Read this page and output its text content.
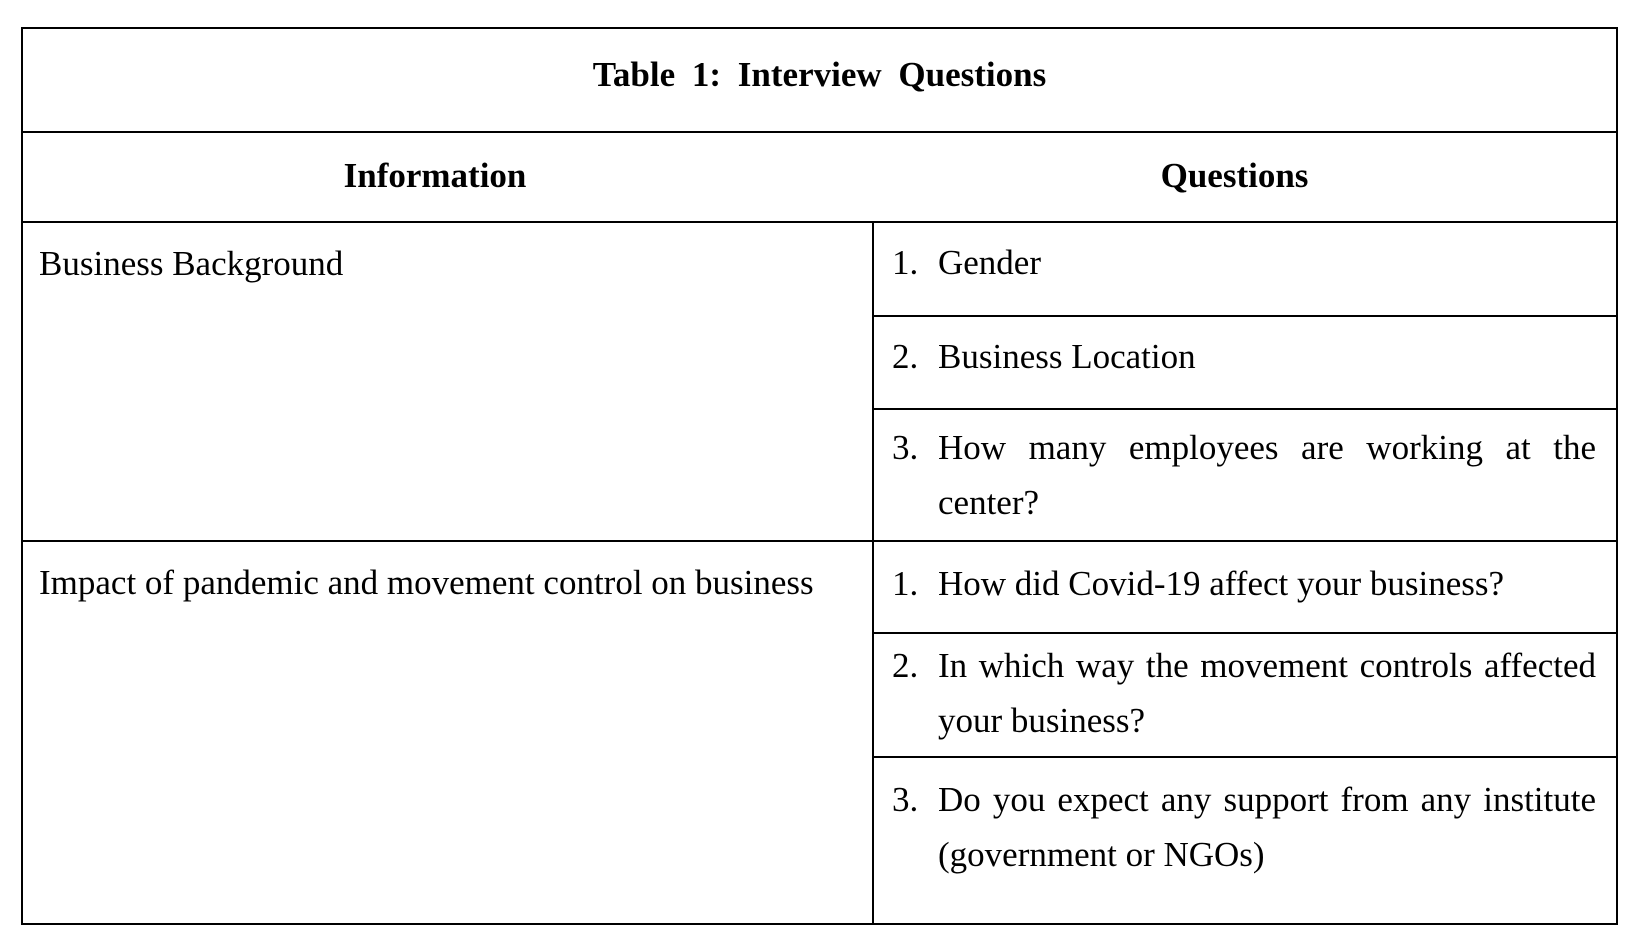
Table 1: Interview Questions	
Information	Questions
Business Background	1. Gender

	2. Business Location

	3. How many employees are working at the center?

Impact of pandemic and movement control on business	1. How did Covid-19 affect your business?

	2. In which way the movement controls affected your business?

	3. Do you expect any support from any institute (government or NGOs)
